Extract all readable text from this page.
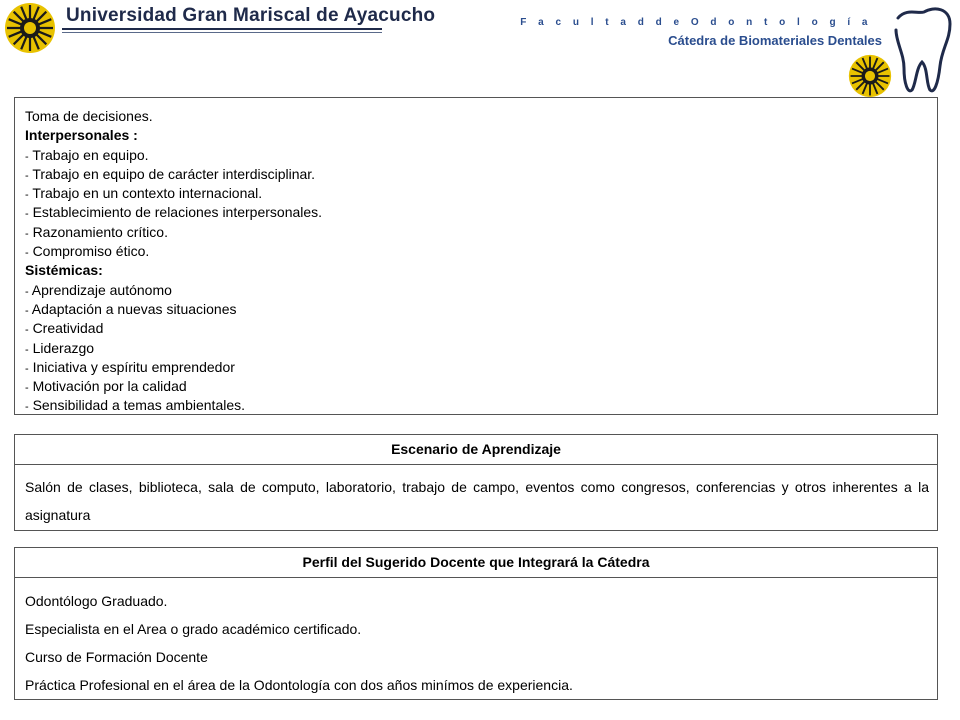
Universidad Gran Mariscal de Ayacucho	F a c u l t a d d e O d o n t o l o g í a
Cátedra de Biomateriales Dentales
Toma de decisiones.
Interpersonales :
- Trabajo en equipo.
- Trabajo en equipo de carácter interdisciplinar.
- Trabajo en un contexto internacional.
- Establecimiento de relaciones interpersonales.
- Razonamiento crítico.
- Compromiso ético.
Sistémicas:
- Aprendizaje autónomo
- Adaptación a nuevas situaciones
- Creatividad
- Liderazgo
- Iniciativa y espíritu emprendedor
- Motivación por la calidad
- Sensibilidad a temas ambientales.
Escenario de Aprendizaje
Salón de clases, biblioteca, sala de computo, laboratorio, trabajo de campo, eventos como congresos, conferencias y otros inherentes a la asignatura
Perfil del Sugerido Docente que Integrará la Cátedra
Odontólogo Graduado.
Especialista en el Area o grado académico certificado.
Curso de Formación Docente
Práctica Profesional en el área de la Odontología con dos años minímos de experiencia.
